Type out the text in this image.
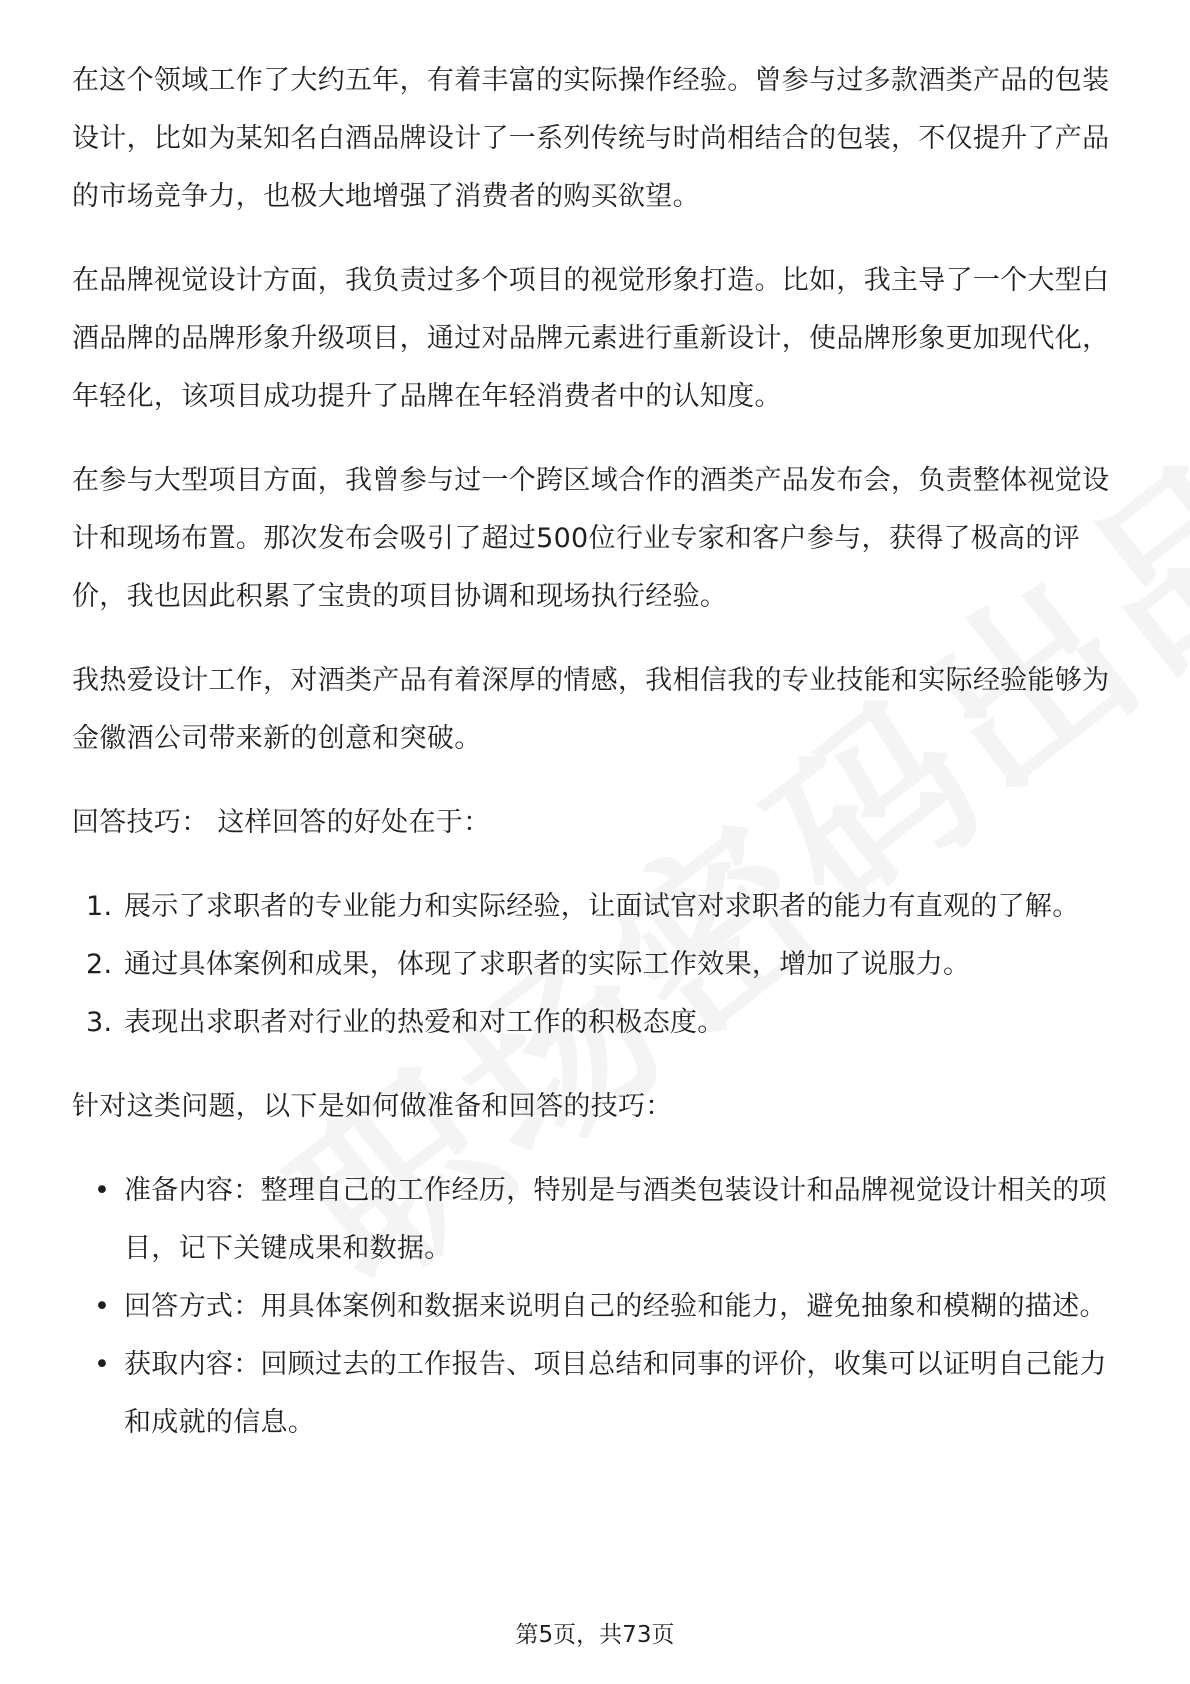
在这个领域工作了大约五年，有着丰富的实际操作经验。曾参与过多款酒类产品的包装设计，比如为某知名白酒品牌设计了一系列传统与时尚相结合的包装，不仅提升了产品的市场竞争力，也极大地增强了消费者的购买欲望。

在品牌视觉设计方面，我负责过多个项目的视觉形象打造。比如，我主导了一个大型白酒品牌的品牌形象升级项目，通过对品牌元素进行重新设计，使品牌形象更加现代化，年轻化，该项目成功提升了品牌在年轻消费者中的认知度。

在参与大型项目方面，我曾参与过一个跨区域合作的酒类产品发布会，负责整体视觉设计和现场布置。那次发布会吸引了超过500位行业专家和客户参与，获得了极高的评价，我也因此积累了宝贵的项目协调和现场执行经验。

我热爱设计工作，对酒类产品有着深厚的情感，我相信我的专业技能和实际经验能够为金徽酒公司带来新的创意和突破。

回答技巧： 这样回答的好处在于：

1. 展示了求职者的专业能力和实际经验，让面试官对求职者的能力有直观的了解。
2. 通过具体案例和成果，体现了求职者的实际工作效果，增加了说服力。
3. 表现出求职者对行业的热爱和对工作的积极态度。

针对这类问题，以下是如何做准备和回答的技巧：

• 准备内容：整理自己的工作经历，特别是与酒类包装设计和品牌视觉设计相关的项目，记下关键成果和数据。
• 回答方式：用具体案例和数据来说明自己的经验和能力，避免抽象和模糊的描述。
• 获取内容：回顾过去的工作报告、项目总结和同事的评价，收集可以证明自己能力和成就的信息。
第5页，共73页
